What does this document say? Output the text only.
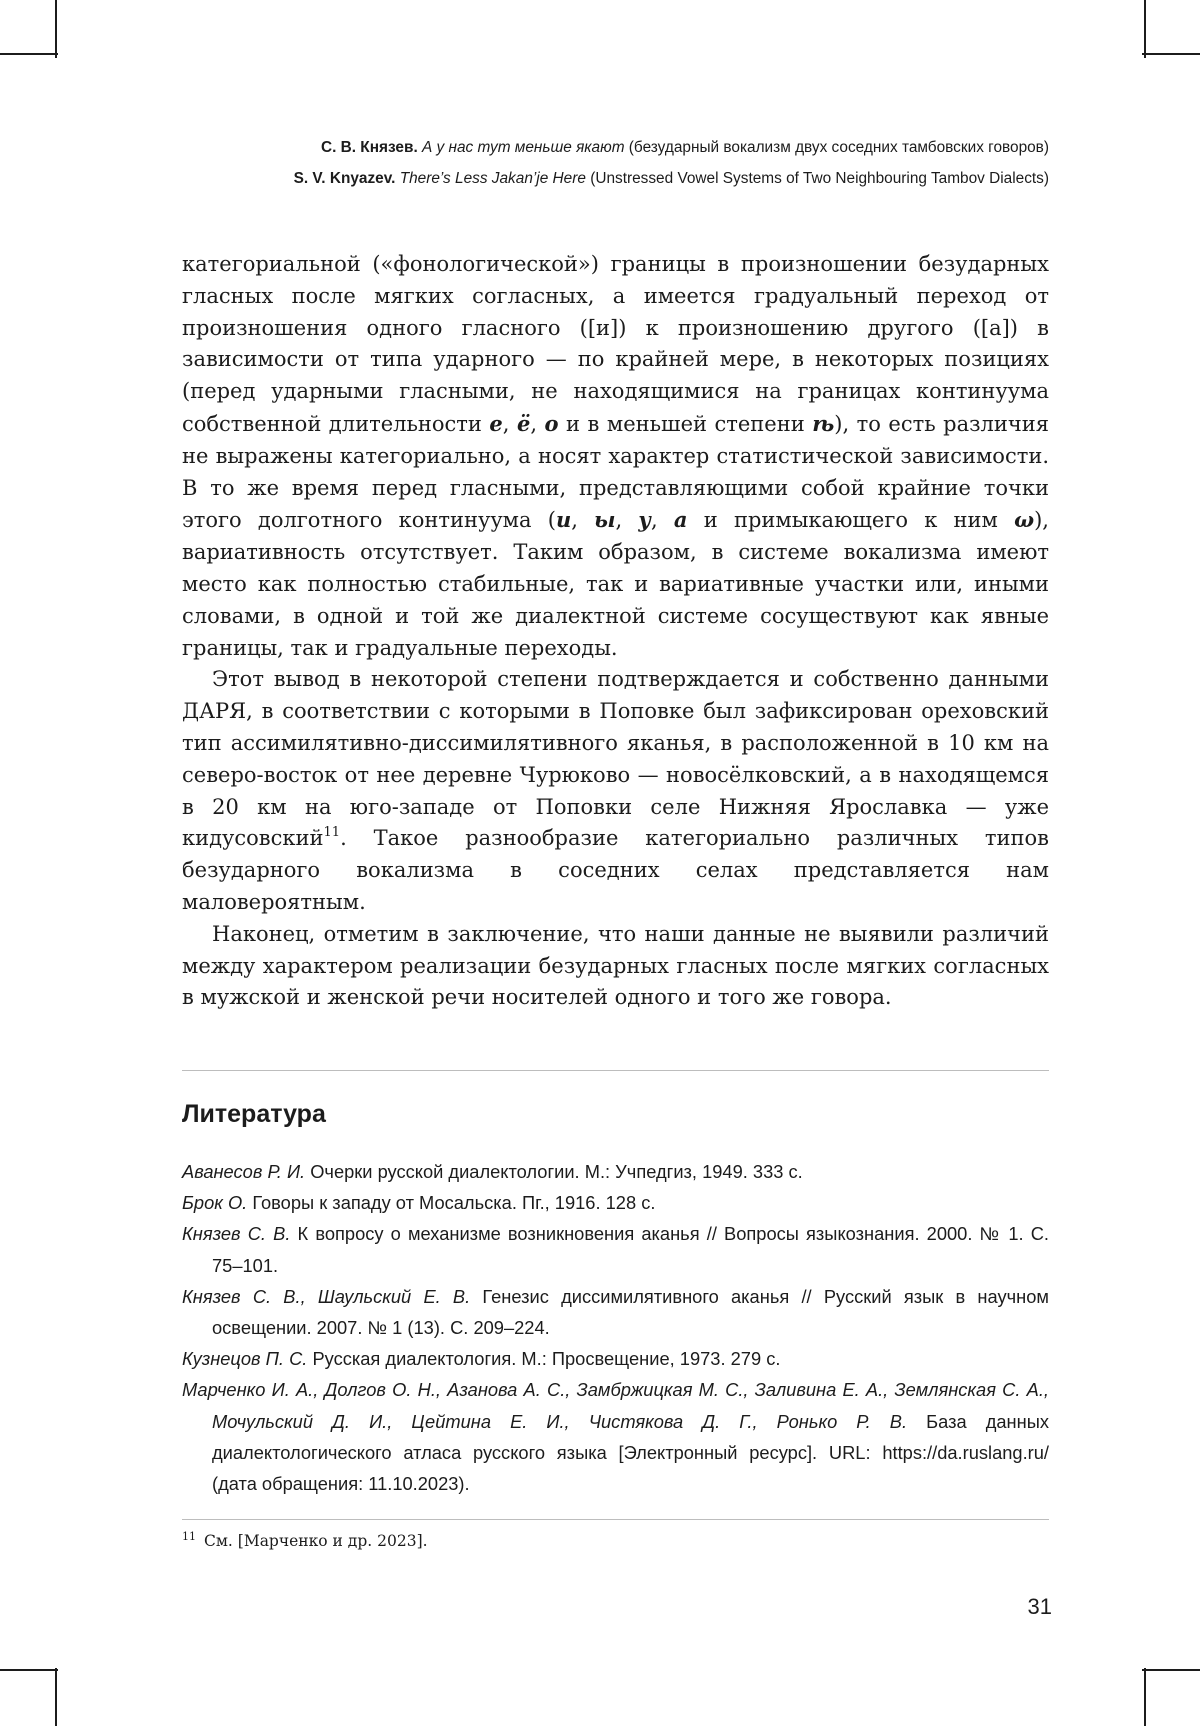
С. В. Князев. А у нас тут меньше якают (безударный вокализм двух соседних тамбовских говоров)
S. V. Knyazev. There’s Less Jakan’je Here (Unstressed Vowel Systems of Two Neighbouring Tambov Dialects)

категориальной («фонологической») границы в произношении безударных гласных после мягких согласных, а имеется градуальный переход от произношения одного гласного ([и]) к произношению другого ([а]) в зависимости от типа ударного — по крайней мере, в некоторых позициях (перед ударными гласными, не находящимися на границах континуума собственной длительности е, ё, о и в меньшей степени ѣ), то есть различия не выражены категориально, а носят характер статистической зависимости. В то же время перед гласными, представляющими собой крайние точки этого долготного континуума (и, ы, у, а и примыкающего к ним ω), вариативность отсутствует. Таким образом, в системе вокализма имеют место как полностью стабильные, так и вариативные участки или, иными словами, в одной и той же диалектной системе сосуществуют как явные границы, так и градуальные переходы.

Этот вывод в некоторой степени подтверждается и собственно данными ДАРЯ, в соответствии с которыми в Поповке был зафиксирован ореховский тип ассимилятивно-диссимилятивного яканья, в расположенной в 10 км на северо-восток от нее деревне Чурюково — новосёлковский, а в находящемся в 20 км на юго-западе от Поповки селе Нижняя Ярославка — уже кидусовский$^{11}$. Такое разнообразие категориально различных типов безударного вокализма в соседних селах представляется нам маловероятным.

Наконец, отметим в заключение, что наши данные не выявили различий между характером реализации безударных гласных после мягких согласных в мужской и женской речи носителей одного и того же говора.

Литература
Аванесов Р. И. Очерки русской диалектологии. М.: Учпедгиз, 1949. 333 с.
Брок О. Говоры к западу от Мосальска. Пг., 1916. 128 с.
Князев С. В. К вопросу о механизме возникновения аканья // Вопросы языкознания. 2000. № 1. С. 75–101.
Князев С. В., Шаульский Е. В. Генезис диссимилятивного аканья // Русский язык в научном освещении. 2007. № 1 (13). С. 209–224.
Кузнецов П. С. Русская диалектология. М.: Просвещение, 1973. 279 с.
Марченко И. А., Долгов О. Н., Азанова А. С., Замбржицкая М. С., Заливина Е. А., Землянская С. А., Мочульский Д. И., Цейтина Е. И., Чистякова Д. Г., Ронько Р. В. База данных диалектологического атласа русского языка [Электронный ресурс]. URL: https://da.ruslang.ru/ (дата обращения: 11.10.2023).
$^{11}$ См. [Марченко и др. 2023].
31
